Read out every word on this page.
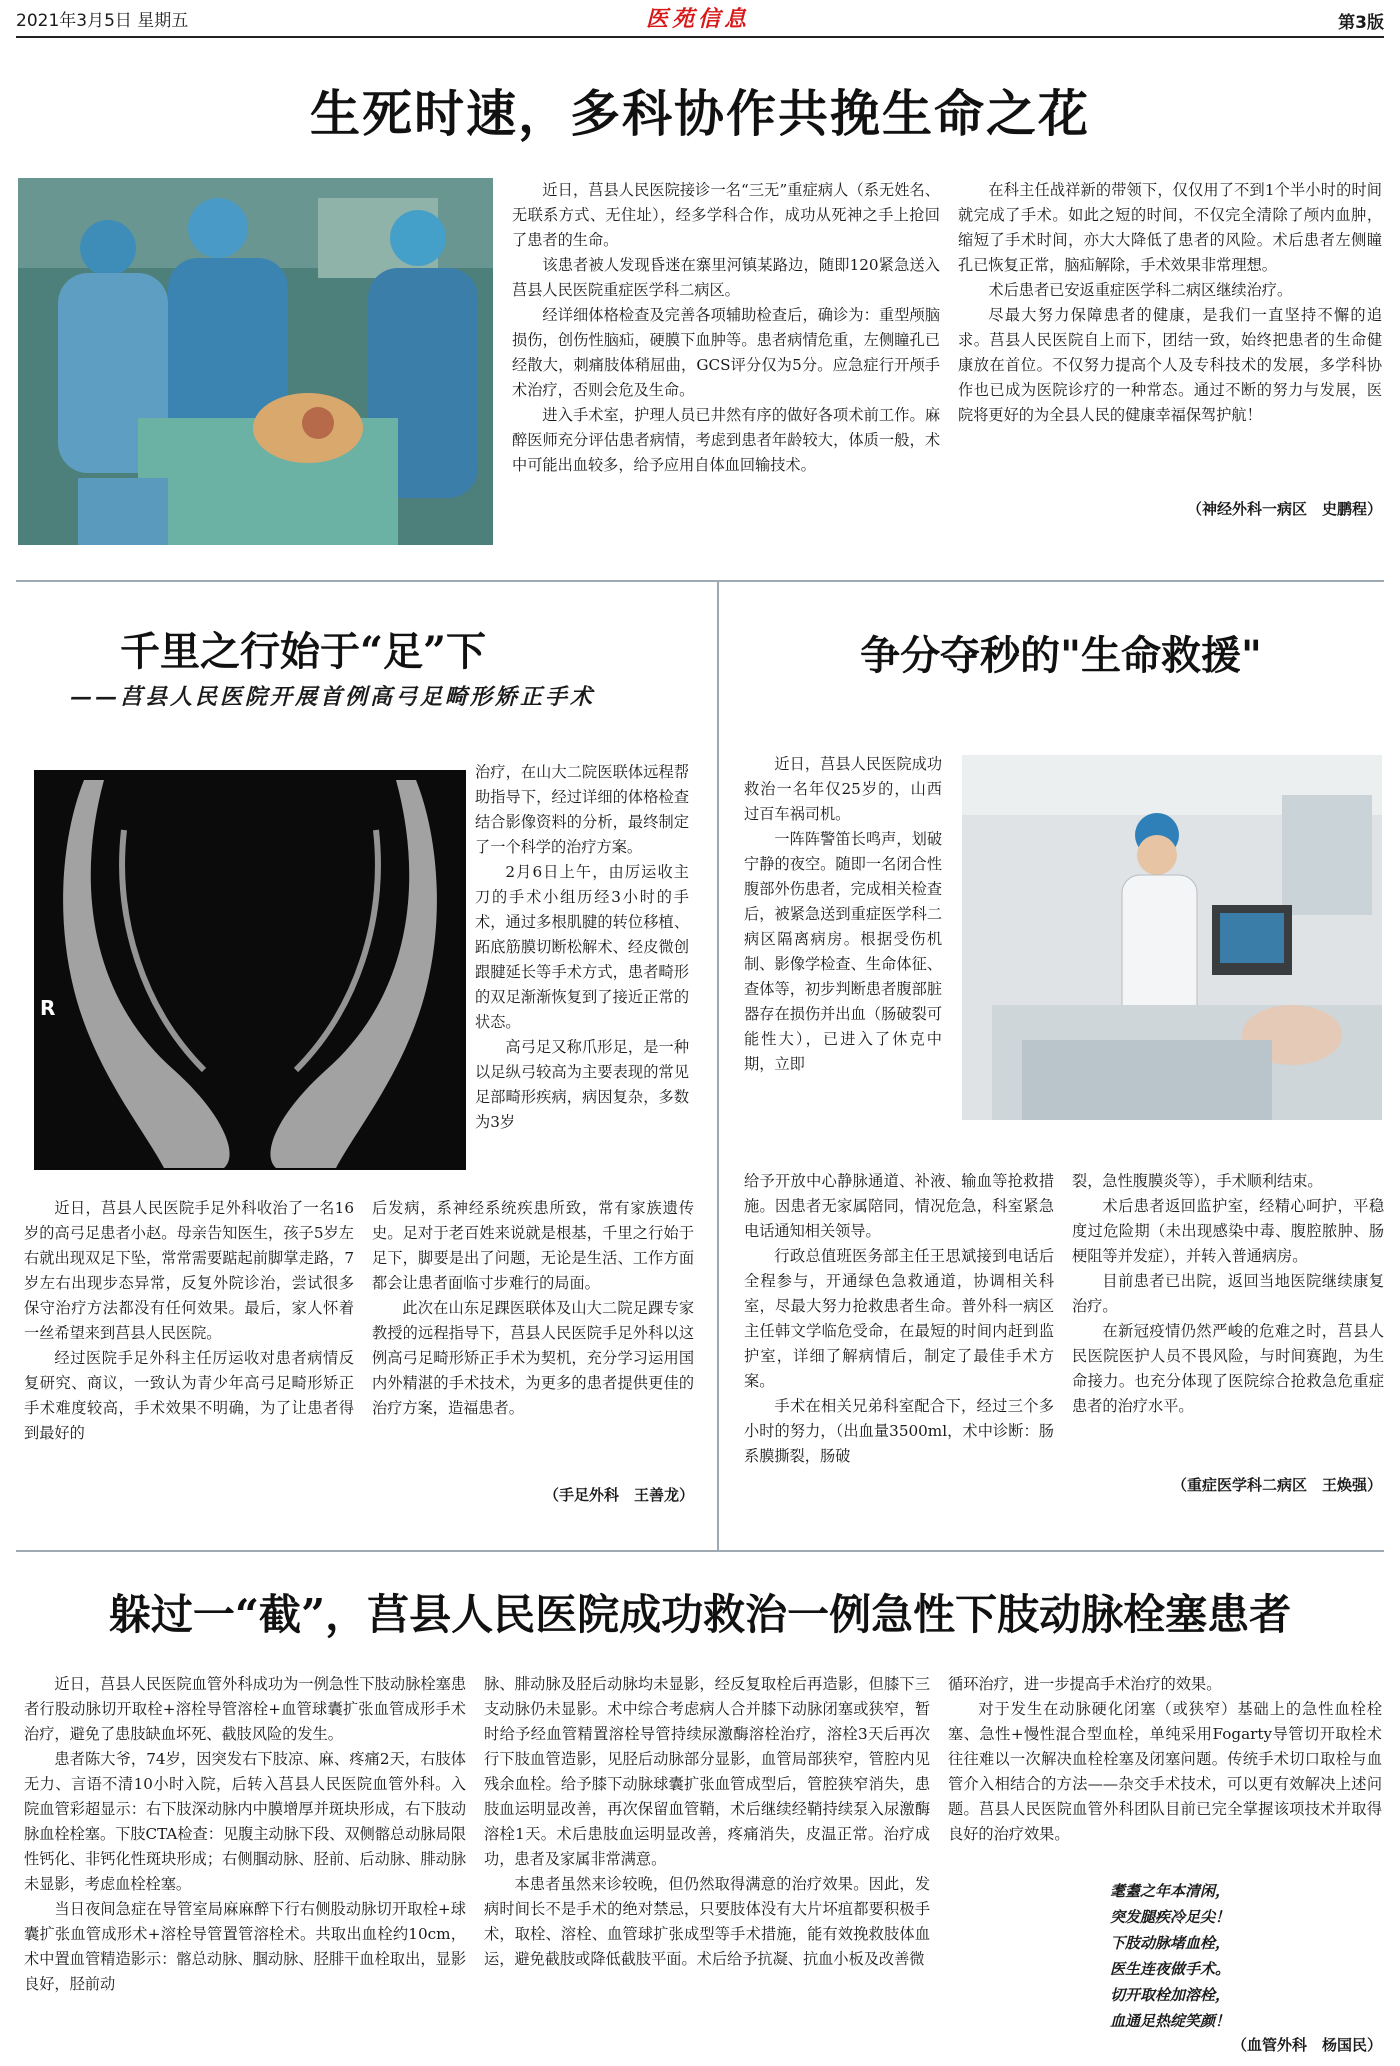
2021年3月5日 星期五	医苑信息	第3版
生死时速，多科协作共挽生命之花

近日，莒县人民医院接诊一名“三无”重症病人（系无姓名、无联系方式、无住址），经多学科合作，成功从死神之手上抢回了患者的生命。

该患者被人发现昏迷在寨里河镇某路边，随即120紧急送入莒县人民医院重症医学科二病区。

经详细体格检查及完善各项辅助检查后，确诊为：重型颅脑损伤，创伤性脑疝，硬膜下血肿等。患者病情危重，左侧瞳孔已经散大，刺痛肢体稍屈曲，GCS评分仅为5分。应急症行开颅手术治疗，否则会危及生命。

进入手术室，护理人员已井然有序的做好各项术前工作。麻醉医师充分评估患者病情，考虑到患者年龄较大，体质一般，术中可能出血较多，给予应用自体血回输技术。

在科主任战祥新的带领下，仅仅用了不到1个半小时的时间就完成了手术。如此之短的时间，不仅完全清除了颅内血肿，缩短了手术时间，亦大大降低了患者的风险。术后患者左侧瞳孔已恢复正常，脑疝解除，手术效果非常理想。

术后患者已安返重症医学科二病区继续治疗。

尽最大努力保障患者的健康，是我们一直坚持不懈的追求。莒县人民医院自上而下，团结一致，始终把患者的生命健康放在首位。不仅努力提高个人及专科技术的发展，多学科协作也已成为医院诊疗的一种常态。通过不断的努力与发展，医院将更好的为全县人民的健康幸福保驾护航！

（神经外科一病区　史鹏程）
千里之行始于“足”下
——莒县人民医院开展首例高弓足畸形矫正手术
R

治疗，在山大二院医联体远程帮助指导下，经过详细的体格检查结合影像资料的分析，最终制定了一个科学的治疗方案。

2月6日上午，由厉运收主刀的手术小组历经3小时的手术，通过多根肌腱的转位移植、跖底筋膜切断松解术、经皮微创跟腱延长等手术方式，患者畸形的双足渐渐恢复到了接近正常的状态。

高弓足又称爪形足，是一种以足纵弓较高为主要表现的常见足部畸形疾病，病因复杂，多数为3岁

近日，莒县人民医院手足外科收治了一名16岁的高弓足患者小赵。母亲告知医生，孩子5岁左右就出现双足下坠，常常需要踮起前脚掌走路，7岁左右出现步态异常，反复外院诊治，尝试很多保守治疗方法都没有任何效果。最后，家人怀着一丝希望来到莒县人民医院。

经过医院手足外科主任厉运收对患者病情反复研究、商议，一致认为青少年高弓足畸形矫正手术难度较高，手术效果不明确，为了让患者得到最好的

后发病，系神经系统疾患所致，常有家族遗传史。足对于老百姓来说就是根基，千里之行始于足下，脚要是出了问题，无论是生活、工作方面都会让患者面临寸步难行的局面。

此次在山东足踝医联体及山大二院足踝专家教授的远程指导下，莒县人民医院手足外科以这例高弓足畸形矫正手术为契机，充分学习运用国内外精湛的手术技术，为更多的患者提供更佳的治疗方案，造福患者。

（手足外科　王善龙）
争分夺秒的"生命救援"

近日，莒县人民医院成功救治一名年仅25岁的，山西过百车祸司机。

一阵阵警笛长鸣声，划破宁静的夜空。随即一名闭合性腹部外伤患者，完成相关检查后，被紧急送到重症医学科二病区隔离病房。根据受伤机制、影像学检查、生命体征、查体等，初步判断患者腹部脏器存在损伤并出血（肠破裂可能性大），已进入了休克中期，立即

给予开放中心静脉通道、补液、输血等抢救措施。因患者无家属陪同，情况危急，科室紧急电话通知相关领导。

行政总值班医务部主任王思斌接到电话后全程参与，开通绿色急救通道，协调相关科室，尽最大努力抢救患者生命。普外科一病区主任韩文学临危受命，在最短的时间内赶到监护室，详细了解病情后，制定了最佳手术方案。

手术在相关兄弟科室配合下，经过三个多小时的努力，（出血量3500ml，术中诊断：肠系膜撕裂，肠破

裂，急性腹膜炎等），手术顺利结束。

术后患者返回监护室，经精心呵护，平稳度过危险期（未出现感染中毒、腹腔脓肿、肠梗阻等并发症），并转入普通病房。

目前患者已出院，返回当地医院继续康复治疗。

在新冠疫情仍然严峻的危难之时，莒县人民医院医护人员不畏风险，与时间赛跑，为生命接力。也充分体现了医院综合抢救急危重症患者的治疗水平。

（重症医学科二病区　王焕强）
躲过一“截”，莒县人民医院成功救治一例急性下肢动脉栓塞患者

近日，莒县人民医院血管外科成功为一例急性下肢动脉栓塞患者行股动脉切开取栓+溶栓导管溶栓+血管球囊扩张血管成形手术治疗，避免了患肢缺血坏死、截肢风险的发生。

患者陈大爷，74岁，因突发右下肢凉、麻、疼痛2天，右肢体无力、言语不清10小时入院，后转入莒县人民医院血管外科。入院血管彩超显示：右下肢深动脉内中膜增厚并斑块形成，右下肢动脉血栓栓塞。下肢CTA检查：见腹主动脉下段、双侧髂总动脉局限性钙化、非钙化性斑块形成；右侧腘动脉、胫前、后动脉、腓动脉未显影，考虑血栓栓塞。

当日夜间急症在导管室局麻麻醉下行右侧股动脉切开取栓+球囊扩张血管成形术+溶栓导管置管溶栓术。共取出血栓约10cm，术中置血管精造影示：髂总动脉、腘动脉、胫腓干血栓取出，显影良好，胫前动

脉、腓动脉及胫后动脉均未显影，经反复取栓后再造影，但膝下三支动脉仍未显影。术中综合考虑病人合并膝下动脉闭塞或狭窄，暂时给予经血管精置溶栓导管持续尿激酶溶栓治疗，溶栓3天后再次行下肢血管造影，见胫后动脉部分显影，血管局部狭窄，管腔内见残余血栓。给予膝下动脉球囊扩张血管成型后，管腔狭窄消失，患肢血运明显改善，再次保留血管鞘，术后继续经鞘持续泵入尿激酶溶栓1天。术后患肢血运明显改善，疼痛消失，皮温正常。治疗成功，患者及家属非常满意。

本患者虽然来诊较晚，但仍然取得满意的治疗效果。因此，发病时间长不是手术的绝对禁忌，只要肢体没有大片坏疽都要积极手术，取栓、溶栓、血管球扩张成型等手术措施，能有效挽救肢体血运，避免截肢或降低截肢平面。术后给予抗凝、抗血小板及改善微

循环治疗，进一步提高手术治疗的效果。

对于发生在动脉硬化闭塞（或狭窄）基础上的急性血栓栓塞、急性+慢性混合型血栓，单纯采用Fogarty导管切开取栓术往往难以一次解决血栓栓塞及闭塞问题。传统手术切口取栓与血管介入相结合的方法——杂交手术技术，可以更有效解决上述问题。莒县人民医院血管外科团队目前已完全掌握该项技术并取得良好的治疗效果。

耄耋之年本清闲，
突发腿疾冷足尖！
下肢动脉堵血栓，
医生连夜做手术。
切开取栓加溶栓，
血通足热绽笑颜！
（血管外科　杨国民）
